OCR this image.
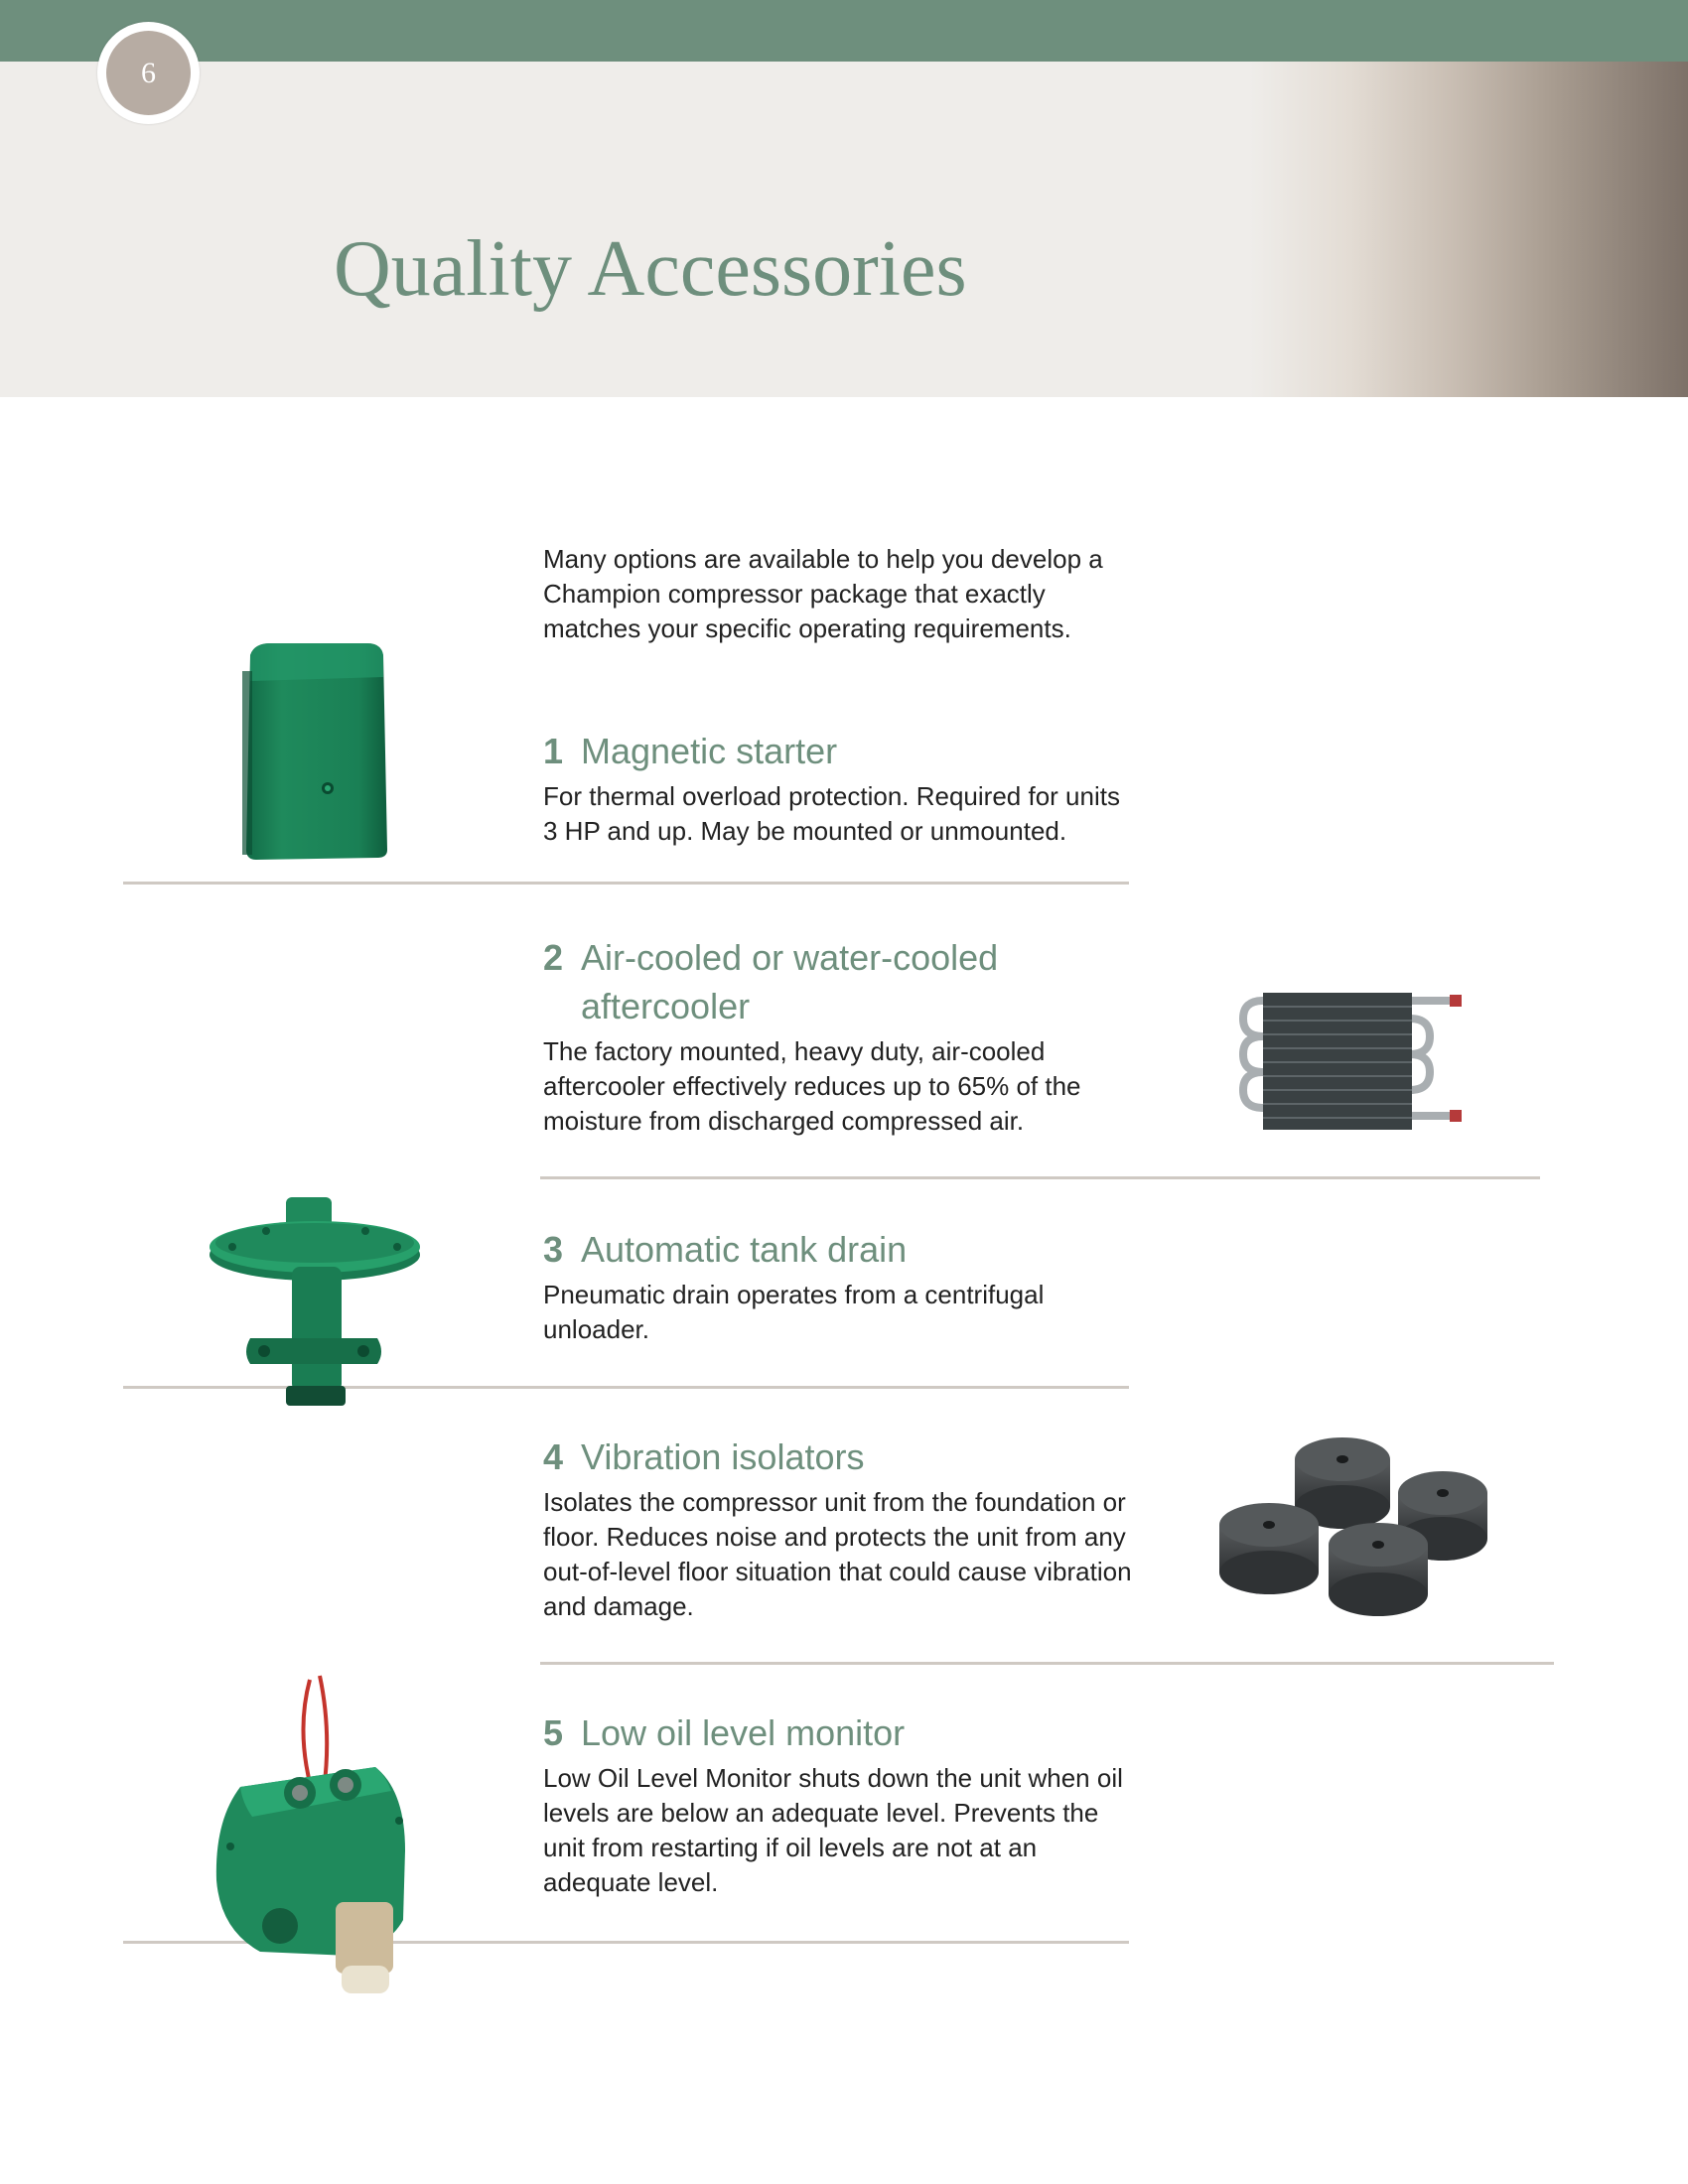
6
Quality Accessories

Many options are available to help you develop a Champion compressor package that exactly matches your specific operating requirements.

1 Magnetic starter

For thermal overload protection. Required for units 3 HP and up. May be mounted or unmounted.

2 Air-cooled or water-cooled aftercooler

The factory mounted, heavy duty, air-cooled aftercooler effectively reduces up to 65% of the moisture from discharged compressed air.

3 Automatic tank drain

Pneumatic drain operates from a centrifugal unloader.

4 Vibration isolators

Isolates the compressor unit from the foundation or floor. Reduces noise and protects the unit from any out-of-level floor situation that could cause vibration and damage.

5 Low oil level monitor

Low Oil Level Monitor shuts down the unit when oil levels are below an adequate level. Prevents the unit from restarting if oil levels are not at an adequate level.
